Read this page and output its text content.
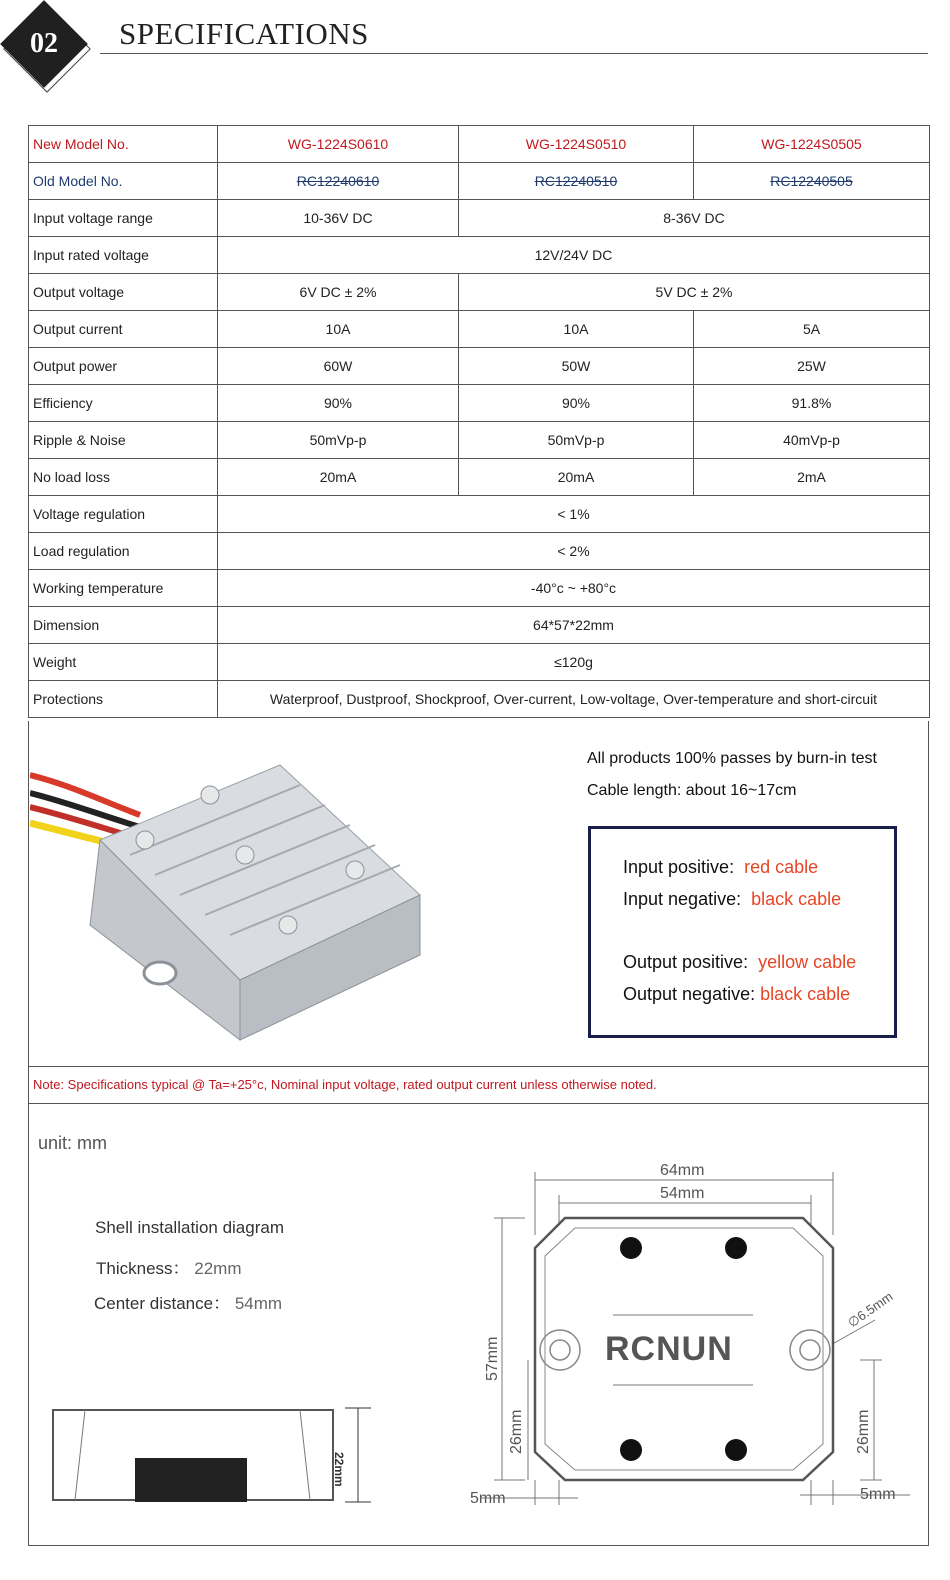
02	SPECIFICATIONS
New Model No.	WG-1224S0610	WG-1224S0510	WG-1224S0505
Old Model No.	RC12240610	RC12240510	RC12240505
Input voltage range	10-36V DC	8-36V DC	
Input rated voltage	12V/24V DC		
Output voltage	6V DC ± 2%	5V DC ± 2%	
Output current	10A	10A	5A
Output power	60W	50W	25W
Efficiency	90%	90%	91.8%
Ripple & Noise	50mVp-p	50mVp-p	40mVp-p
No load loss	20mA	20mA	2mA
Voltage regulation	< 1%		
Load regulation	< 2%		
Working temperature	-40°c ~ +80°c		
Dimension	64*57*22mm		
Weight	≤120g		
Protections	Waterproof, Dustproof, Shockproof, Over-current, Low-voltage, Over-temperature and short-circuit		
All products 100% passes by burn-in test
Cable length: about 16~17cm
Input positive: red cable
Input negative: black cable
Output positive: yellow cable
Output negative: black cable
Note: Specifications typical @ Ta=+25°c, Nominal input voltage, rated output current unless otherwise noted.
unit: mm
Shell installation diagram
Thickness： 22mm
Center distance： 54mm
22mm
64mm
54mm
RCNUN
57mm
26mm	26mm
∅6.5mm
5mm	5mm
